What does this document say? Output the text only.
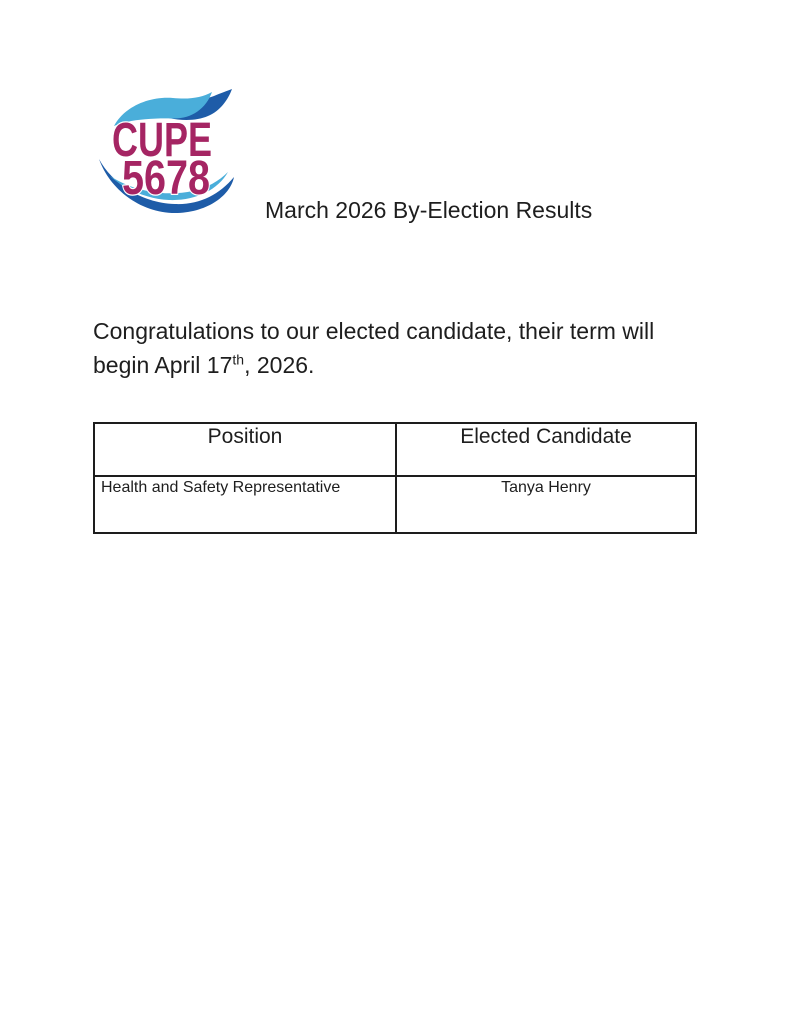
CUPE
5678
March 2026 By-Election Results

Congratulations to our elected candidate, their term will
begin April 17th, 2026.

Position	Elected Candidate
Health and Safety Representative	Tanya Henry
